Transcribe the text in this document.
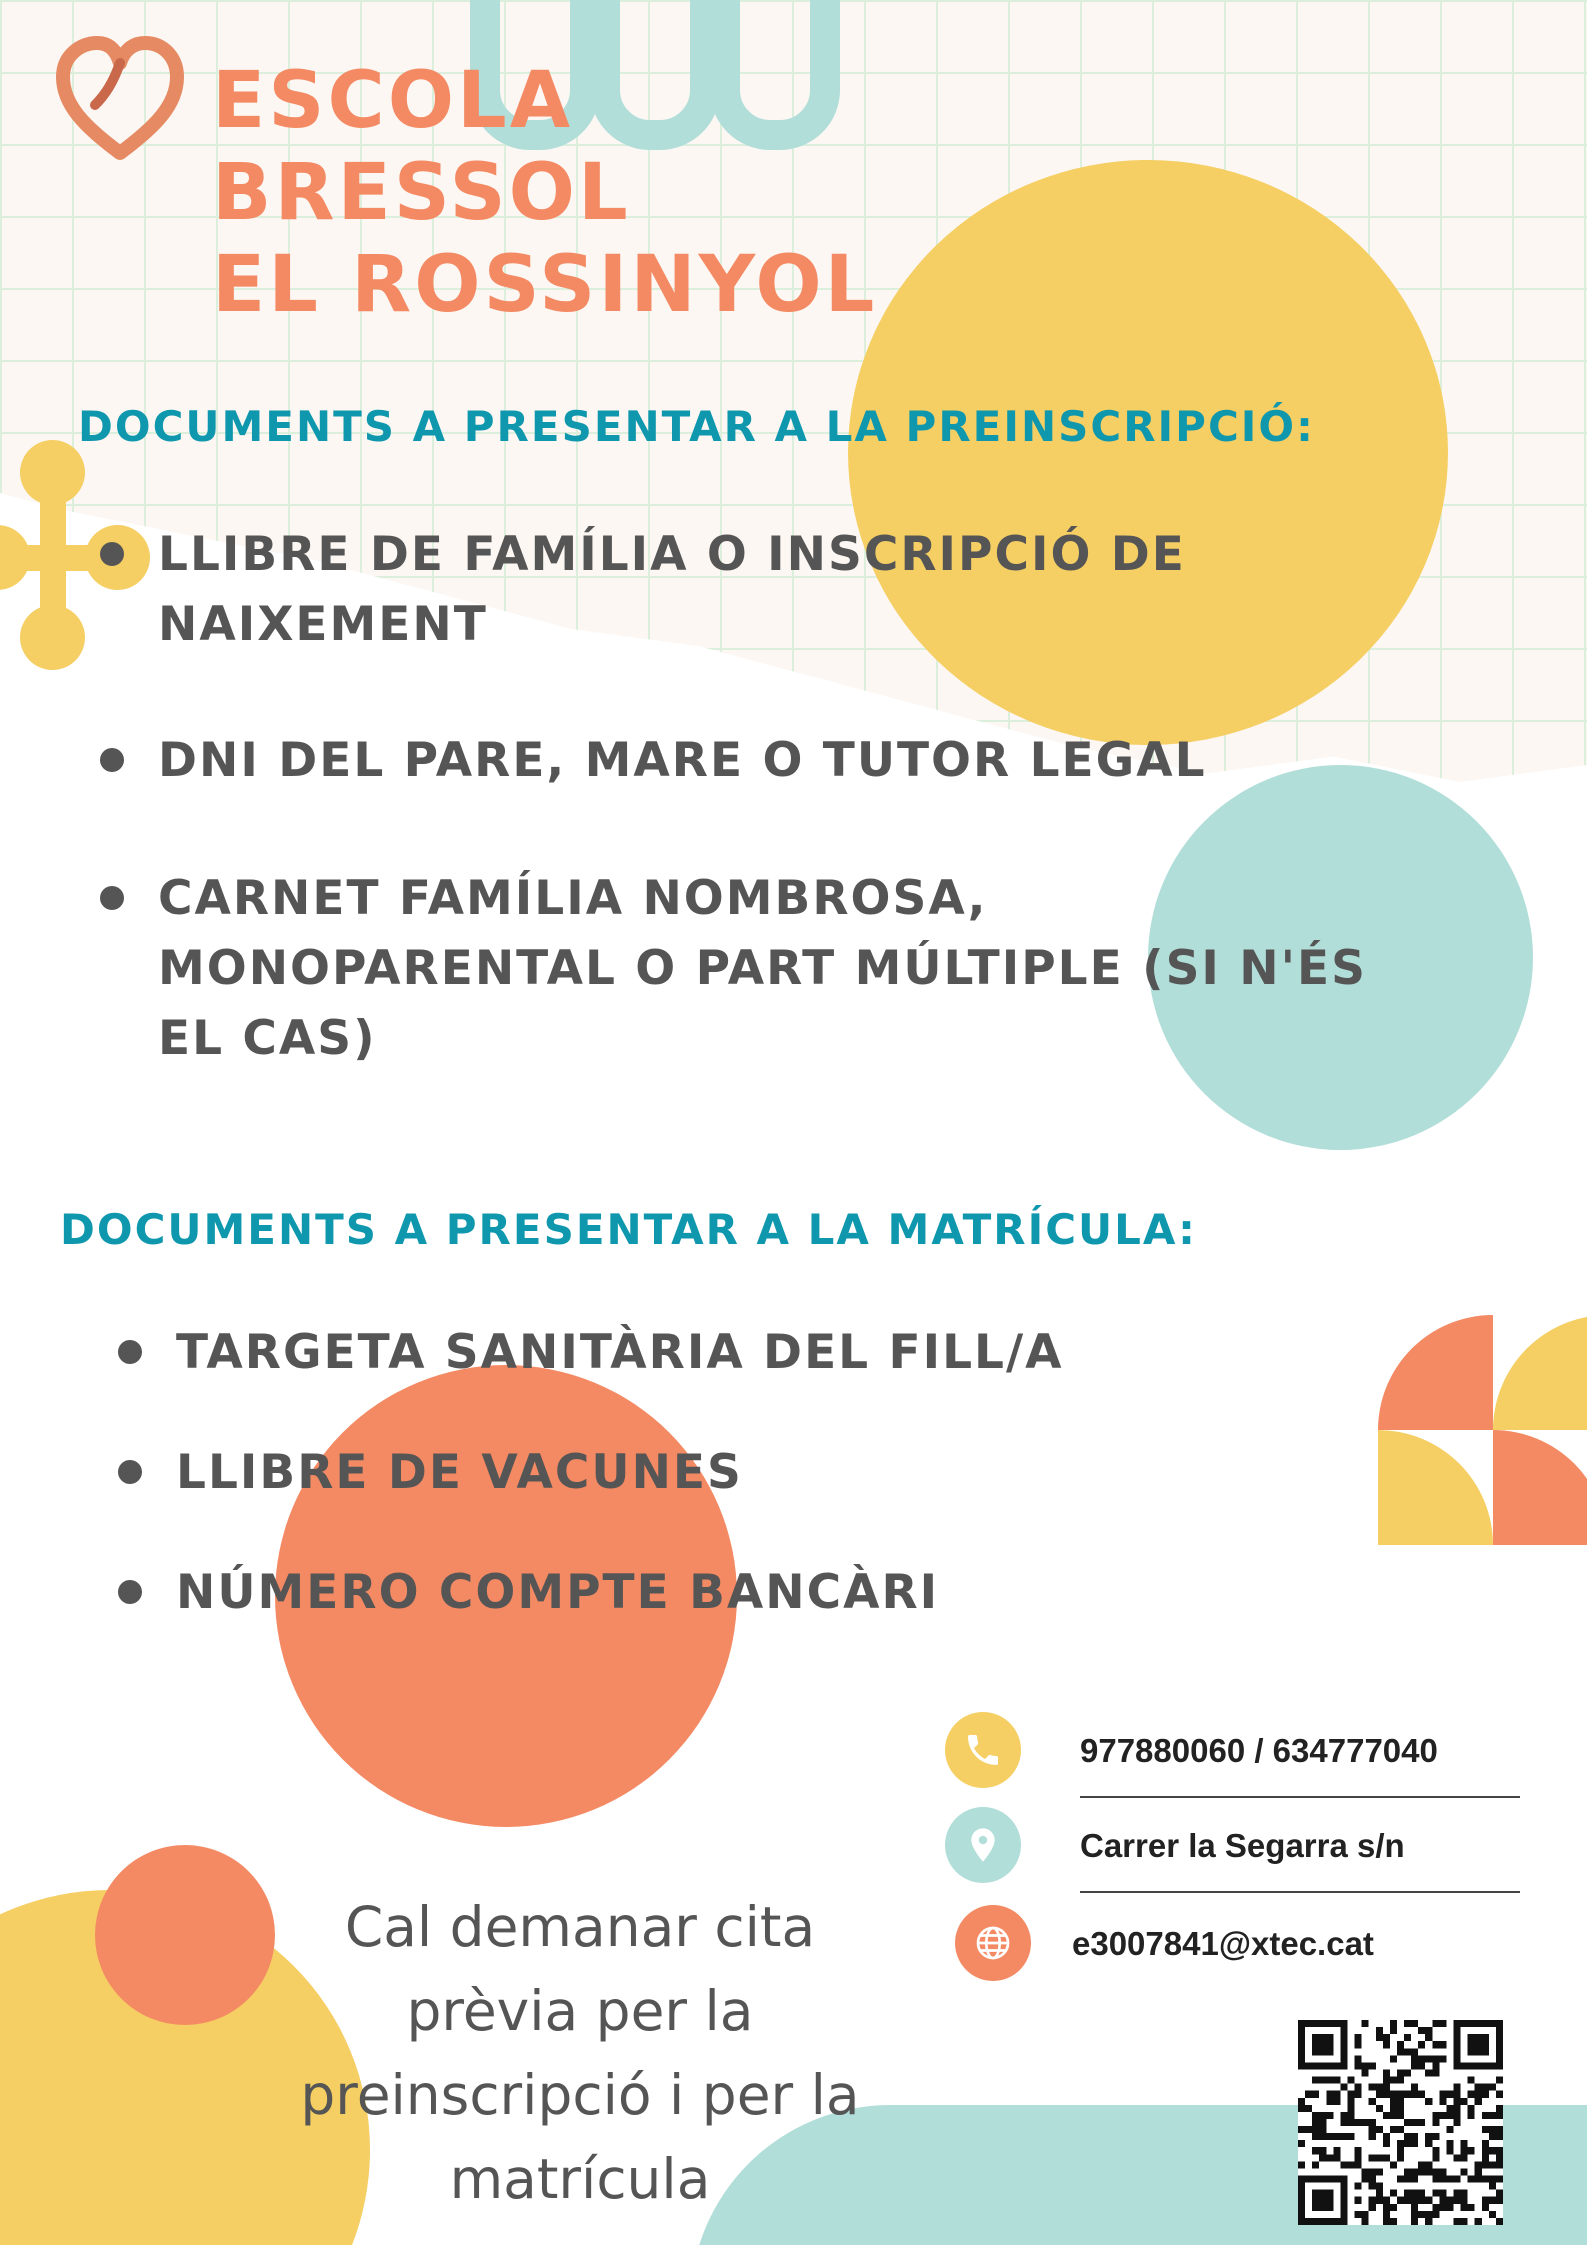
ESCOLA
BRESSOL
EL ROSSINYOL
DOCUMENTS A PRESENTAR A LA PREINSCRIPCIÓ:
LLIBRE DE FAMÍLIA O INSCRIPCIÓ DE
NAIXEMENT
DNI DEL PARE, MARE O TUTOR LEGAL
CARNET FAMÍLIA NOMBROSA,
MONOPARENTAL O PART MÚLTIPLE (SI N'ÉS
EL CAS)
DOCUMENTS A PRESENTAR A LA MATRÍCULA:
TARGETA SANITÀRIA DEL FILL/A
LLIBRE DE VACUNES
NÚMERO COMPTE BANCÀRI
977880060 / 634777040
Carrer la Segarra s/n
e3007841@xtec.cat

Cal demanar cita
prèvia per la
preinscripció i per la
matrícula
